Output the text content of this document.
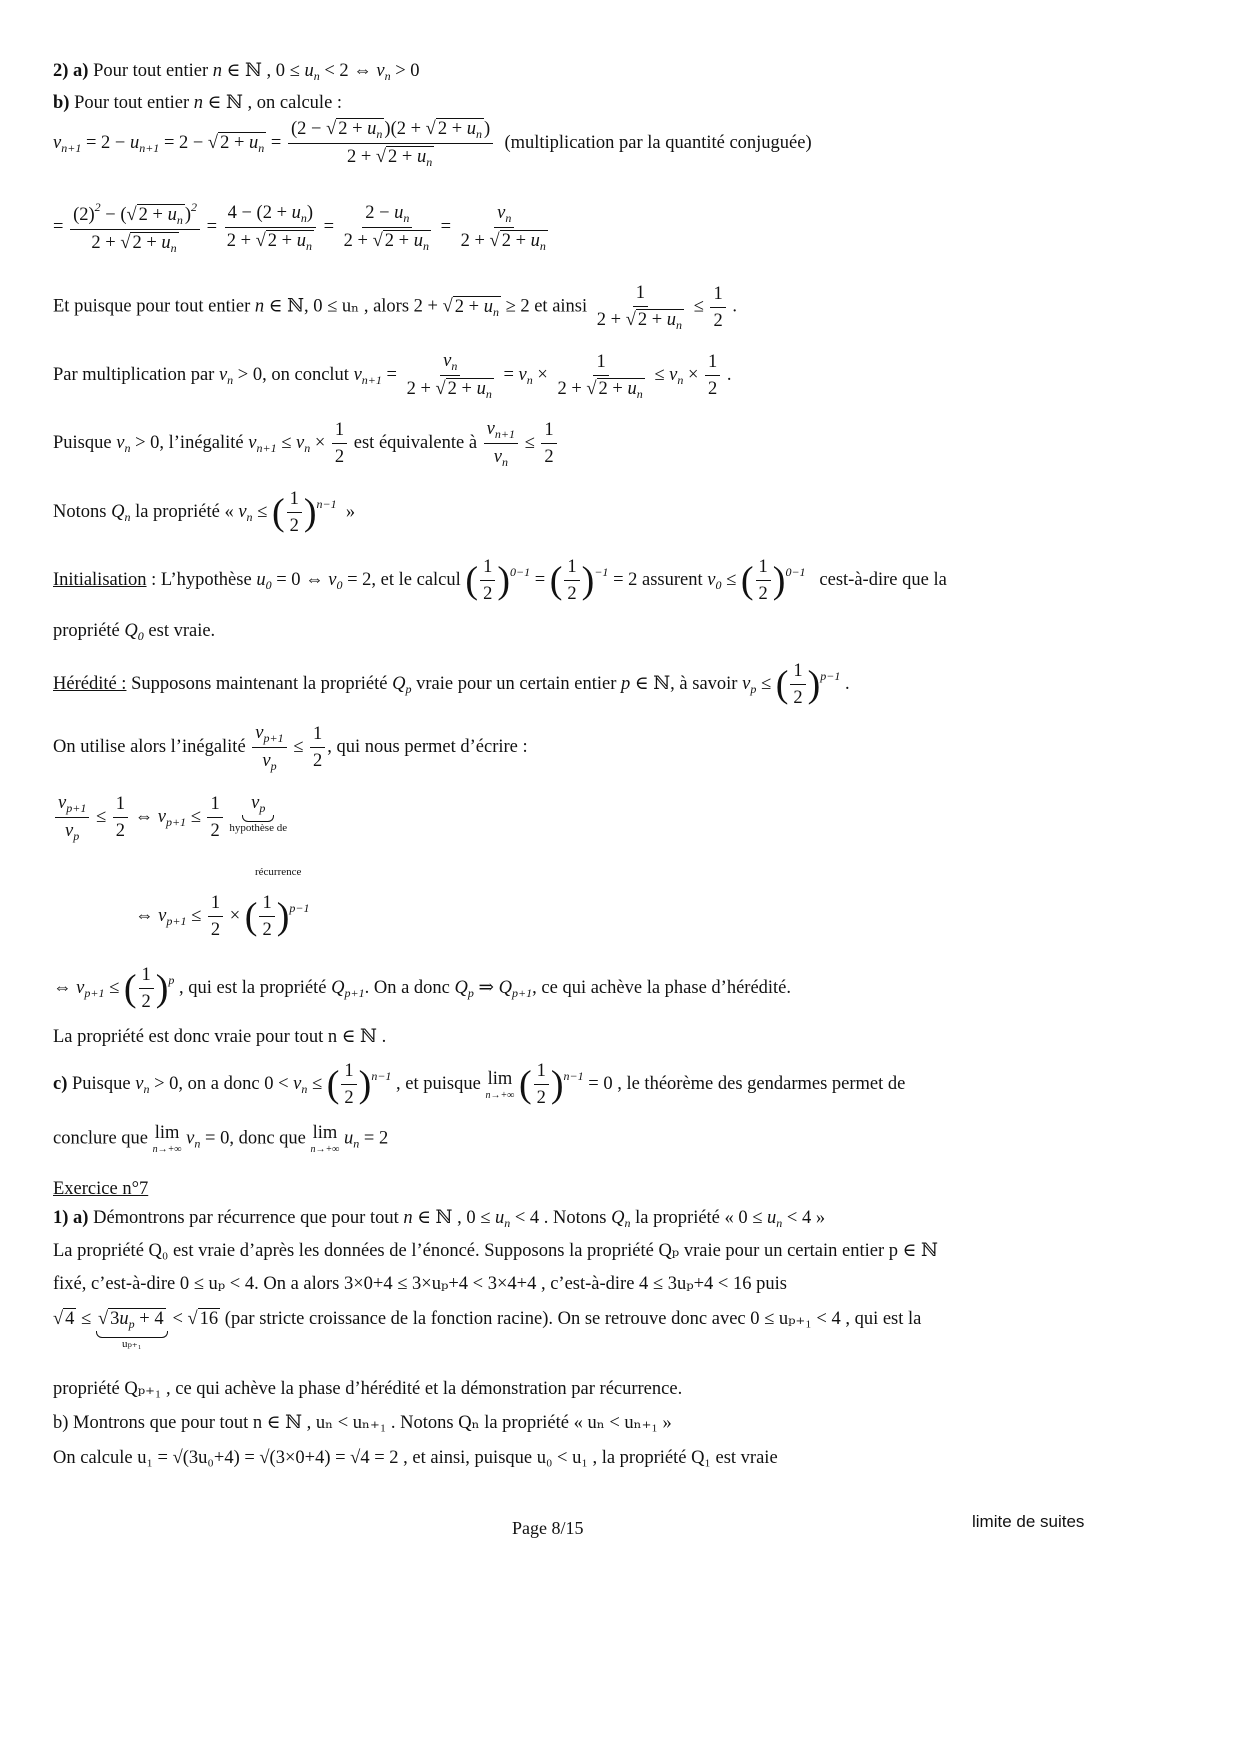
2) a) Pour tout entier n ∈ ℕ , $0 \le u_n < 2$ ⇔ $v_n > 0$
b) Pour tout entier n ∈ ℕ , on calcule :
$v_{n+1} = 2 - u_{n+1} = 2$ − √ $2 + u_n = \frac{(2 - √ 2 + u_n )(2 + √ 2 + u_n )}{2 + √ 2 + u_n}$ (multiplication par la quantité conjuguée)
= $\frac{(2)^2 - (√ 2 + u_n )^2}{2 + √ 2 + u_n} = \frac{4 - (2 + u_n)}{2 + √ 2 + u_n} = \frac{2 - u_n}{2 + √ 2 + u_n} = \frac{v_n}{2 + √ 2 + u_n}$
Et puisque pour tout entier n ∈ ℕ, 0 ≤ uₙ , alors 2 + √ $2 + u_n \ge 2$ et ainsi $\frac{1}{2 + √ 2 + u_n} \le \frac{1}{2}$ .
Par multiplication par $v_n > 0$, on conclut $v_{n+1} = \frac{v_n}{2 + √ 2 + u_n} = v_n \times \frac{1}{2 + √ 2 + u_n} \le v_n \times \frac{1}{2}$ .
Puisque $v_n > 0$, l’inégalité $v_{n+1} \le v_n \times \frac{1}{2}$ est équivalente à $\frac{v_{n+1}}{v_n} \le \frac{1}{2}$
Notons $Q_n$ la propriété « $v_n$ ≤ ( $\frac{1}{2} )^{n-1}$ »
Initialisation : L’hypothèse $u_0 = 0$ ⇔ $v_0 = 2$, et le calcul ( $\frac{1}{2} )^{0-1}$ = ( $\frac{1}{2} )^{-1} = 2$ assurent $v_0$ ≤ ( $\frac{1}{2} )^{0-1}$ cest-à-dire que la
propriété $Q_0$ est vraie.
Hérédité : Supposons maintenant la propriété $Q_p$ vraie pour un certain entier p ∈ ℕ, à savoir $v_p$ ≤ ( $\frac{1}{2} )^{p-1}$ .
On utilise alors l’inégalité $\frac{v_{p+1}}{v_p} \le \frac{1}{2}$ , qui nous permet d’écrire :
$\frac{v_{p+1}}{v_p} \le \frac{1}{2}$ ⇔ $v_{p+1} \le \frac{1}{2}$
$v_p$
hypothèse de
récurrence
⇔ $v_{p+1} \le \frac{1}{2}$ × ( $\frac{1}{2} )^{p-1}$
⇔ $v_{p+1}$ ≤ ( $\frac{1}{2} )^p$ , qui est la propriété $Q_{p+1}$. On a donc $Q_p$ ⇒ $Q_{p+1}$, ce qui achève la phase d’hérédité.
La propriété est donc vraie pour tout n ∈ ℕ .
c) Puisque $v_n > 0$, on a donc $0 < v_n$ ≤ ( $\frac{1}{2} )^{n-1}$ , et puisque lim
n→+∞ ( $\frac{1}{2} )^{n-1} = 0$ , le théorème des gendarmes permet de
conclure que lim
n→+∞
$v_n = 0$, donc que lim
n→+∞
$u_n = 2$
Exercice n°7
1) a) Démontrons par récurrence que pour tout n ∈ ℕ , $0 \le u_n < 4$ . Notons $Q_n$ la propriété « $0 \le u_n < 4$ »
La propriété Q₀ est vraie d’après les données de l’énoncé. Supposons la propriété Qₚ vraie pour un certain entier p ∈ ℕ
fixé, c’est-à-dire 0 ≤ uₚ < 4. On a alors 3×0+4 ≤ 3×uₚ+4 < 3×4+4 , c’est-à-dire 4 ≤ 3uₚ+4 < 16 puis
√ 4 ≤ √ $3u_p + 4$
uₚ₊₁
< √ 16 (par stricte croissance de la fonction racine). On se retrouve donc avec 0 ≤ uₚ₊₁ < 4 , qui est la
propriété Qₚ₊₁ , ce qui achève la phase d’hérédité et la démonstration par récurrence.
b) Montrons que pour tout n ∈ ℕ , uₙ < uₙ₊₁ . Notons Qₙ la propriété « uₙ < uₙ₊₁ »
On calcule u₁ = √(3u₀+4) = √(3×0+4) = √4 = 2 , et ainsi, puisque u₀ < u₁ , la propriété Q₁ est vraie
Page 8/15	limite de suites
